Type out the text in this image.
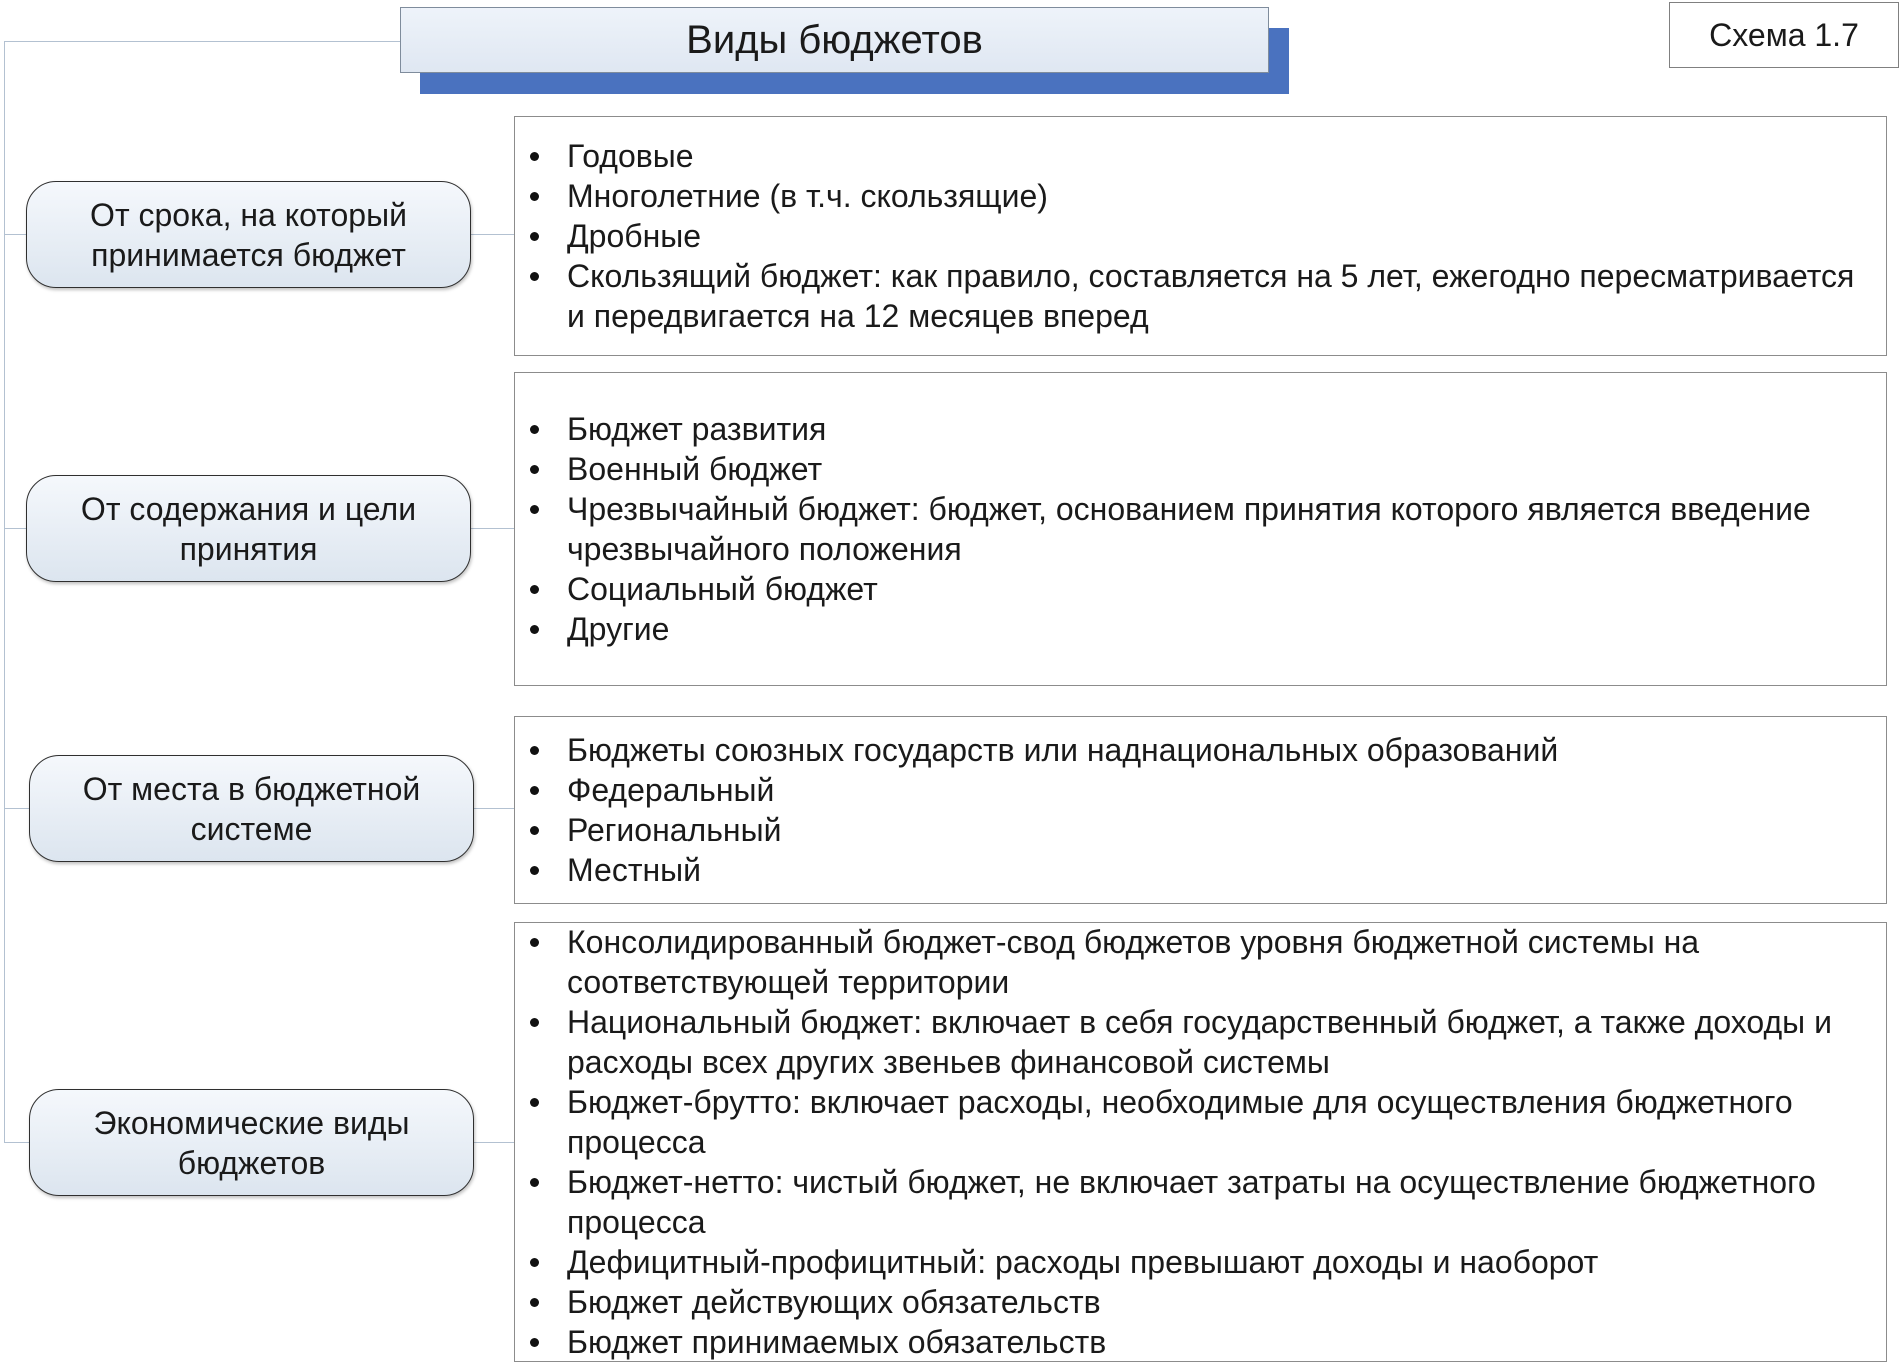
Виды бюджетов	Схема 1.7
От срока, на который принимается бюджет
Годовые
Многолетние (в т.ч. скользящие)
Дробные
Скользящий бюджет: как правило, составляется на 5 лет, ежегодно пересматривается и передвигается на 12 месяцев вперед
От содержания и цели принятия
Бюджет развития
Военный бюджет
Чрезвычайный бюджет: бюджет, основанием принятия которого является введение чрезвычайного положения
Социальный бюджет
Другие
От места в бюджетной системе
Бюджеты союзных государств или наднациональных образований
Федеральный
Региональный
Местный
Экономические виды бюджетов
Консолидированный бюджет-свод бюджетов уровня бюджетной системы на соответствующей территории
Национальный бюджет: включает в себя государственный бюджет, а также доходы и расходы всех других звеньев финансовой системы
Бюджет-брутто: включает расходы, необходимые для осуществления бюджетного процесса
Бюджет-нетто: чистый бюджет, не включает затраты на осуществление бюджетного процесса
Дефицитный-профицитный: расходы превышают доходы и наоборот
Бюджет действующих обязательств
Бюджет принимаемых обязательств
